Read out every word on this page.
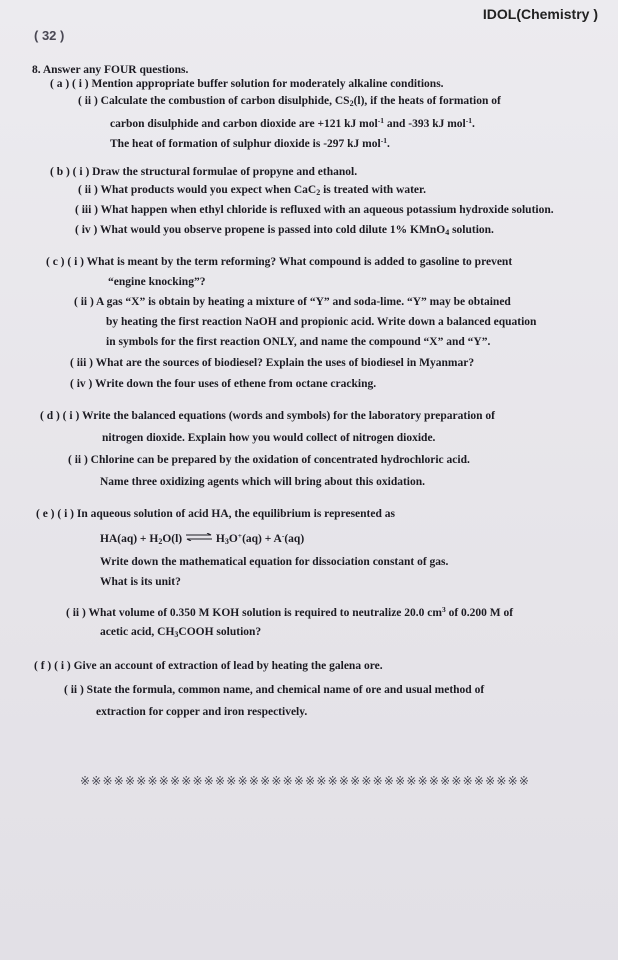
( 32 )
IDOL(Chemistry )
8. Answer any FOUR questions.
( a ) ( i ) Mention appropriate buffer solution for moderately alkaline conditions.
( ii ) Calculate the combustion of carbon disulphide, $CS_2(l)$, if the heats of formation of
carbon disulphide and carbon dioxide are +121 kJ mol$^{-1}$ and -393 kJ mol$^{-1}$.
The heat of formation of sulphur dioxide is -297 kJ mol$^{-1}$.
( b ) ( i ) Draw the structural formulae of propyne and ethanol.
( ii ) What products would you expect when CaC$_2$ is treated with water.
( iii ) What happen when ethyl chloride is refluxed with an aqueous potassium hydroxide solution.
( iv ) What would you observe propene is passed into cold dilute 1% KMnO$_4$ solution.
( c ) ( i ) What is meant by the term reforming? What compound is added to gasoline to prevent
“engine knocking”?
( ii ) A gas “X” is obtain by heating a mixture of “Y” and soda-lime. “Y” may be obtained
by heating the first reaction NaOH and propionic acid. Write down a balanced equation
in symbols for the first reaction ONLY, and name the compound “X” and “Y”.
( iii ) What are the sources of biodiesel? Explain the uses of biodiesel in Myanmar?
( iv ) Write down the four uses of ethene from octane cracking.
( d ) ( i ) Write the balanced equations (words and symbols) for the laboratory preparation of
nitrogen dioxide. Explain how you would collect of nitrogen dioxide.
( ii ) Chlorine can be prepared by the oxidation of concentrated hydrochloric acid.
Name three oxidizing agents which will bring about this oxidation.
( e ) ( i ) In aqueous solution of acid HA, the equilibrium is represented as
$HA(aq) + H_2O(l)$ ⇌ $H_3O^+(aq) + A^-(aq)$
Write down the mathematical equation for dissociation constant of gas.
What is its unit?
( ii ) What volume of 0.350 M KOH solution is required to neutralize 20.0 $cm^3$ of 0.200 M of
acetic acid, $CH_3COOH$ solution?
( f ) ( i ) Give an account of extraction of lead by heating the galena ore.
( ii ) State the formula, common name, and chemical name of ore and usual method of
extraction for copper and iron respectively.
※※※※※※※※※※※※※※※※※※※※※※※※※※※※※※※※※※※※※※※※
